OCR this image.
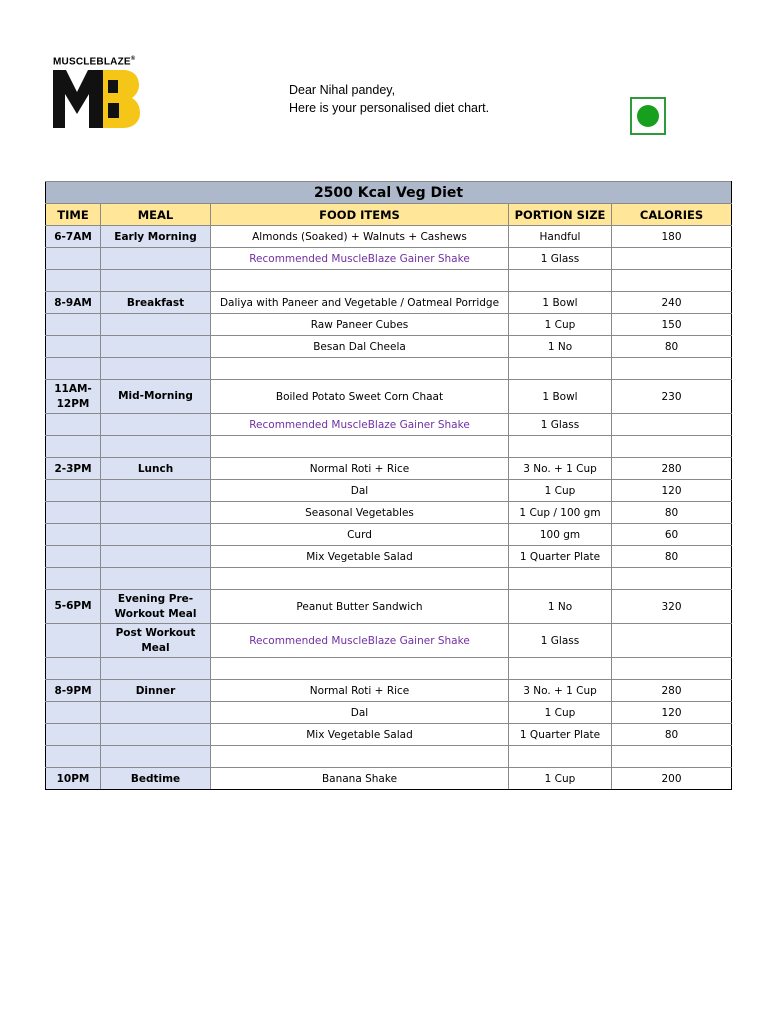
MUSCLEBLAZE®
Dear Nihal pandey,
Here is your personalised diet chart.
2500 Kcal Veg Diet				
TIME	MEAL	FOOD ITEMS	PORTION SIZE	CALORIES
6-7AM	Early Morning	Almonds (Soaked) + Walnuts + Cashews	Handful	180
		Recommended MuscleBlaze Gainer Shake	1 Glass	

8-9AM	Breakfast	Daliya with Paneer and Vegetable / Oatmeal Porridge	1 Bowl	240
		Raw Paneer Cubes	1 Cup	150
		Besan Dal Cheela	1 No	80

11AM-12PM	Mid-Morning	Boiled Potato Sweet Corn Chaat	1 Bowl	230
		Recommended MuscleBlaze Gainer Shake	1 Glass	

2-3PM	Lunch	Normal Roti + Rice	3 No. + 1 Cup	280
		Dal	1 Cup	120
		Seasonal Vegetables	1 Cup / 100 gm	80
		Curd	100 gm	60
		Mix Vegetable Salad	1 Quarter Plate	80

5-6PM	Evening Pre-Workout Meal	Peanut Butter Sandwich	1 No	320
	Post Workout Meal	Recommended MuscleBlaze Gainer Shake	1 Glass	

8-9PM	Dinner	Normal Roti + Rice	3 No. + 1 Cup	280
		Dal	1 Cup	120
		Mix Vegetable Salad	1 Quarter Plate	80

10PM	Bedtime	Banana Shake	1 Cup	200
